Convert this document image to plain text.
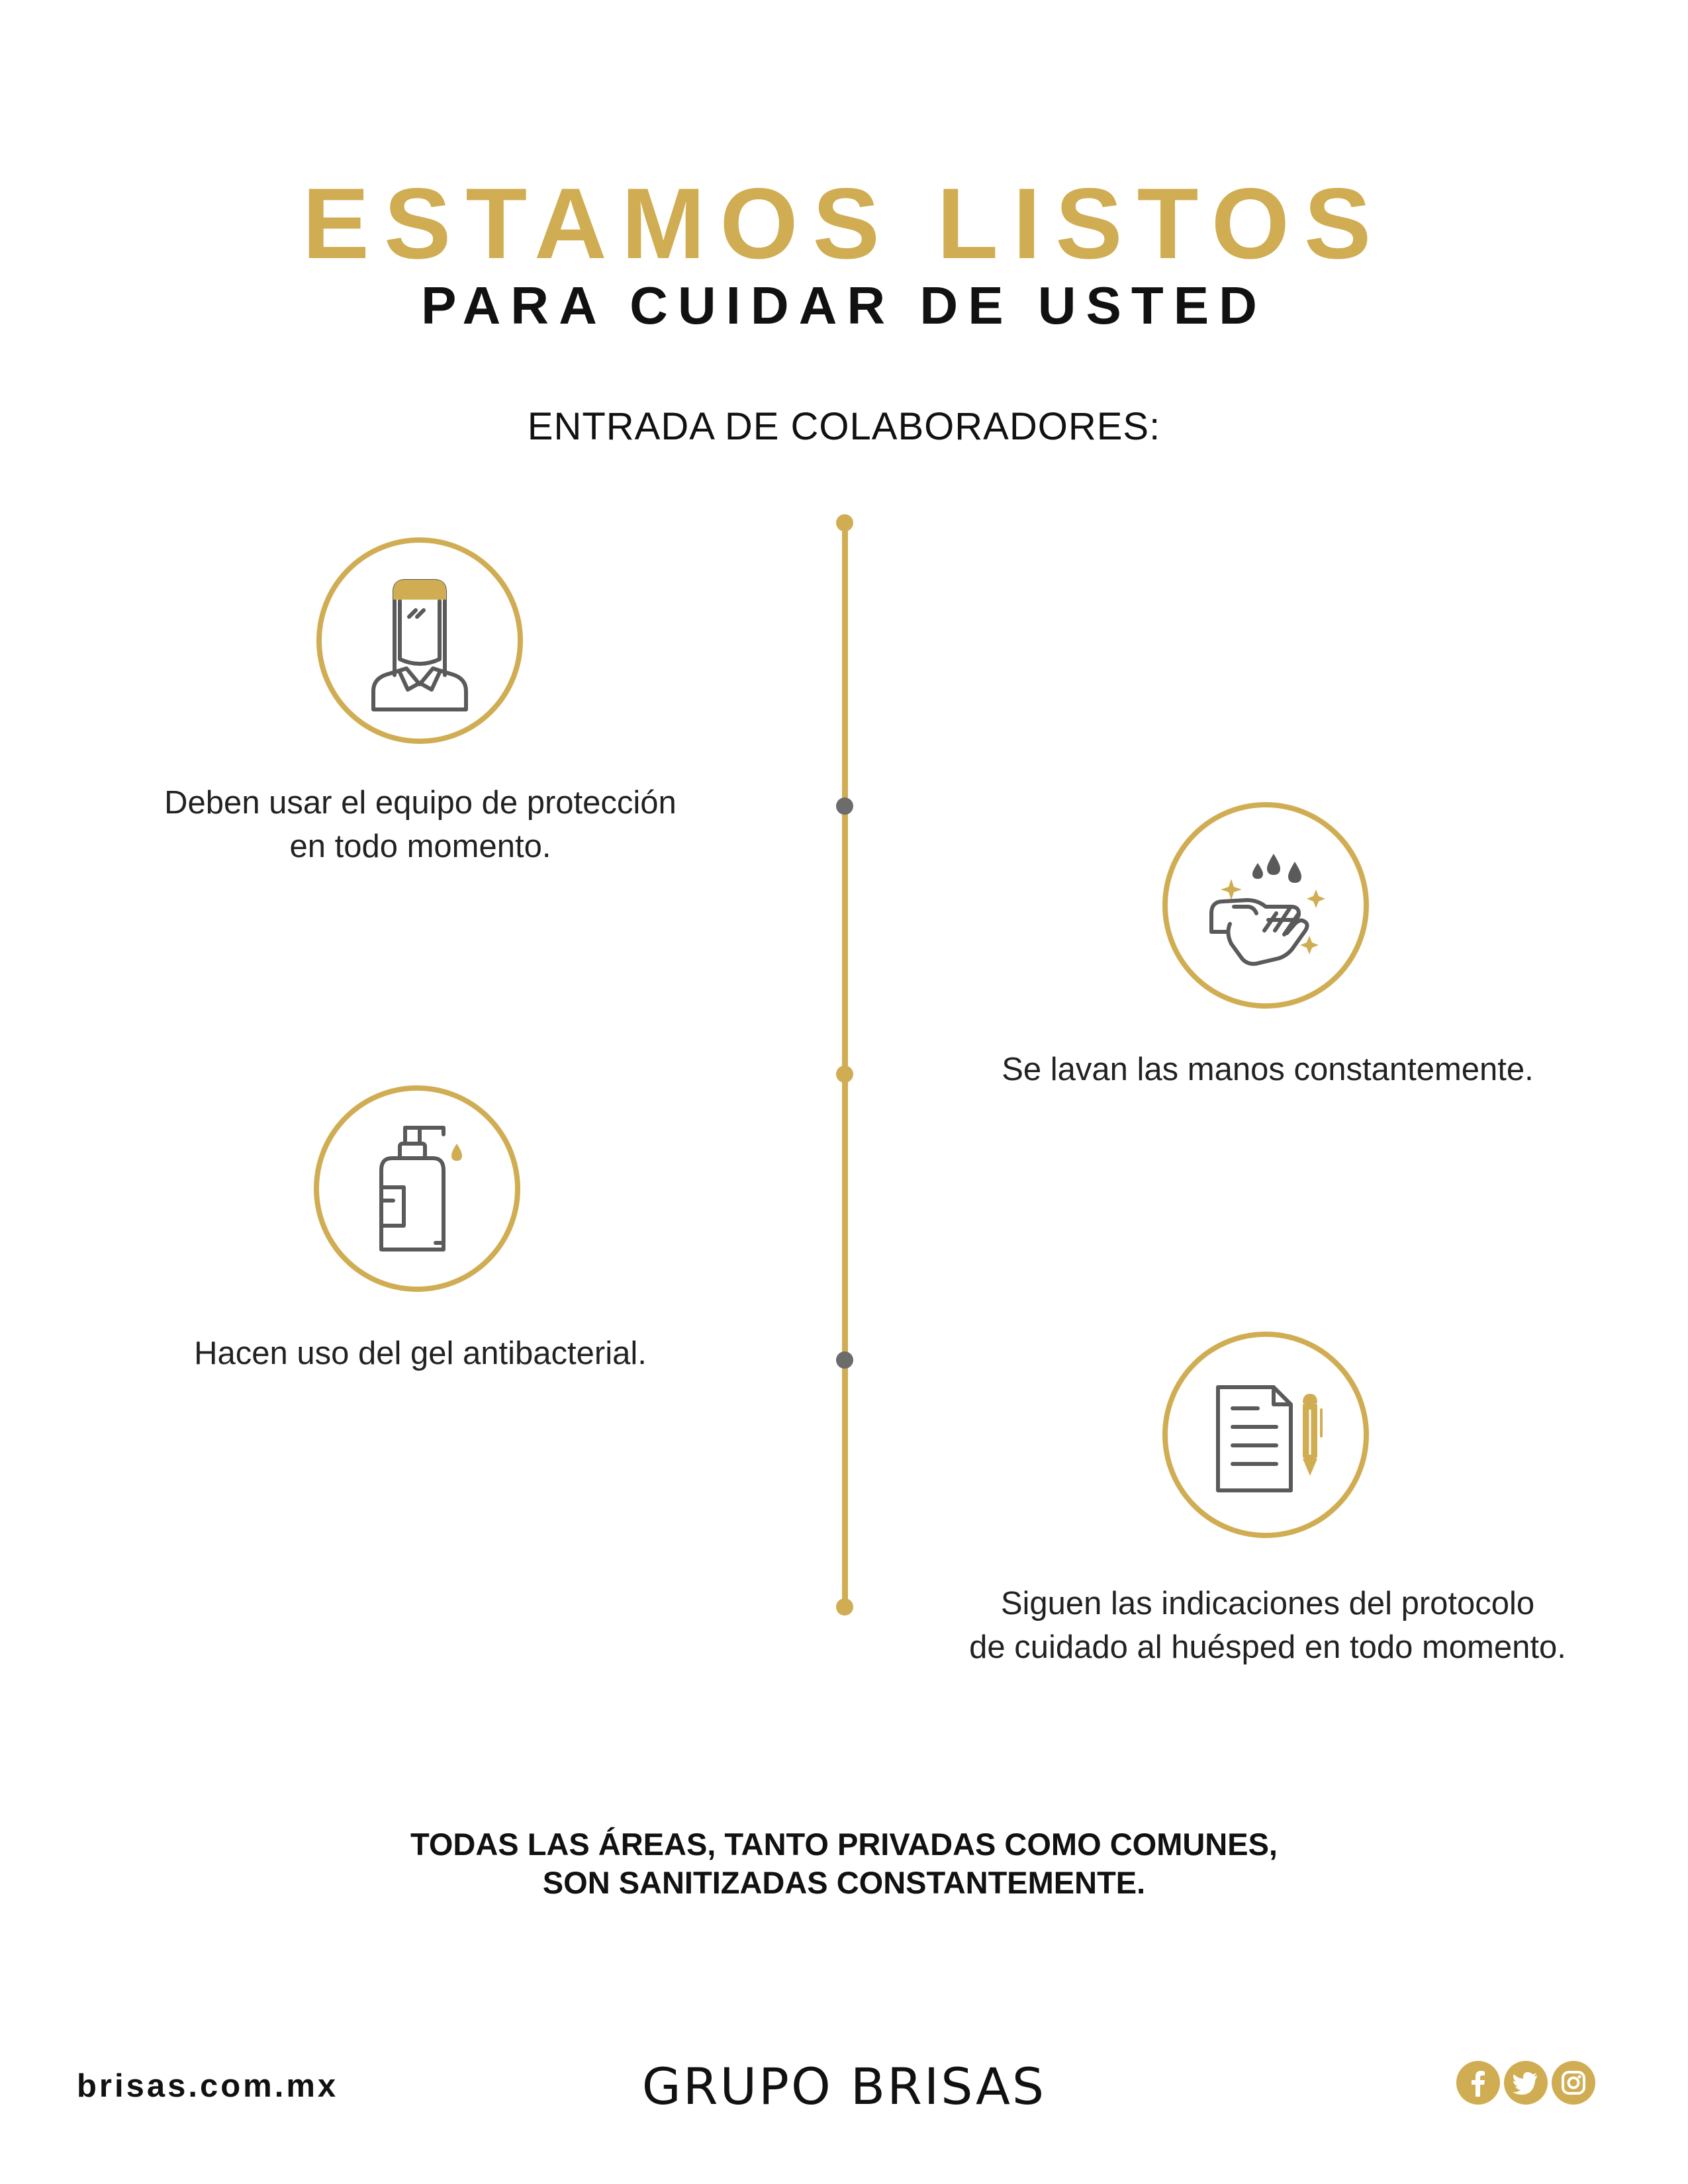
ESTAMOS LISTOS
PARA CUIDAR DE USTED
ENTRADA DE COLABORADORES:
Deben usar el equipo de protección
en todo momento.
Se lavan las manos constantemente.
Hacen uso del gel antibacterial.
Siguen las indicaciones del protocolo
de cuidado al huésped en todo momento.
TODAS LAS ÁREAS, TANTO PRIVADAS COMO COMUNES,
SON SANITIZADAS CONSTANTEMENTE.
brisas.com.mx	GRUPO BRISAS
